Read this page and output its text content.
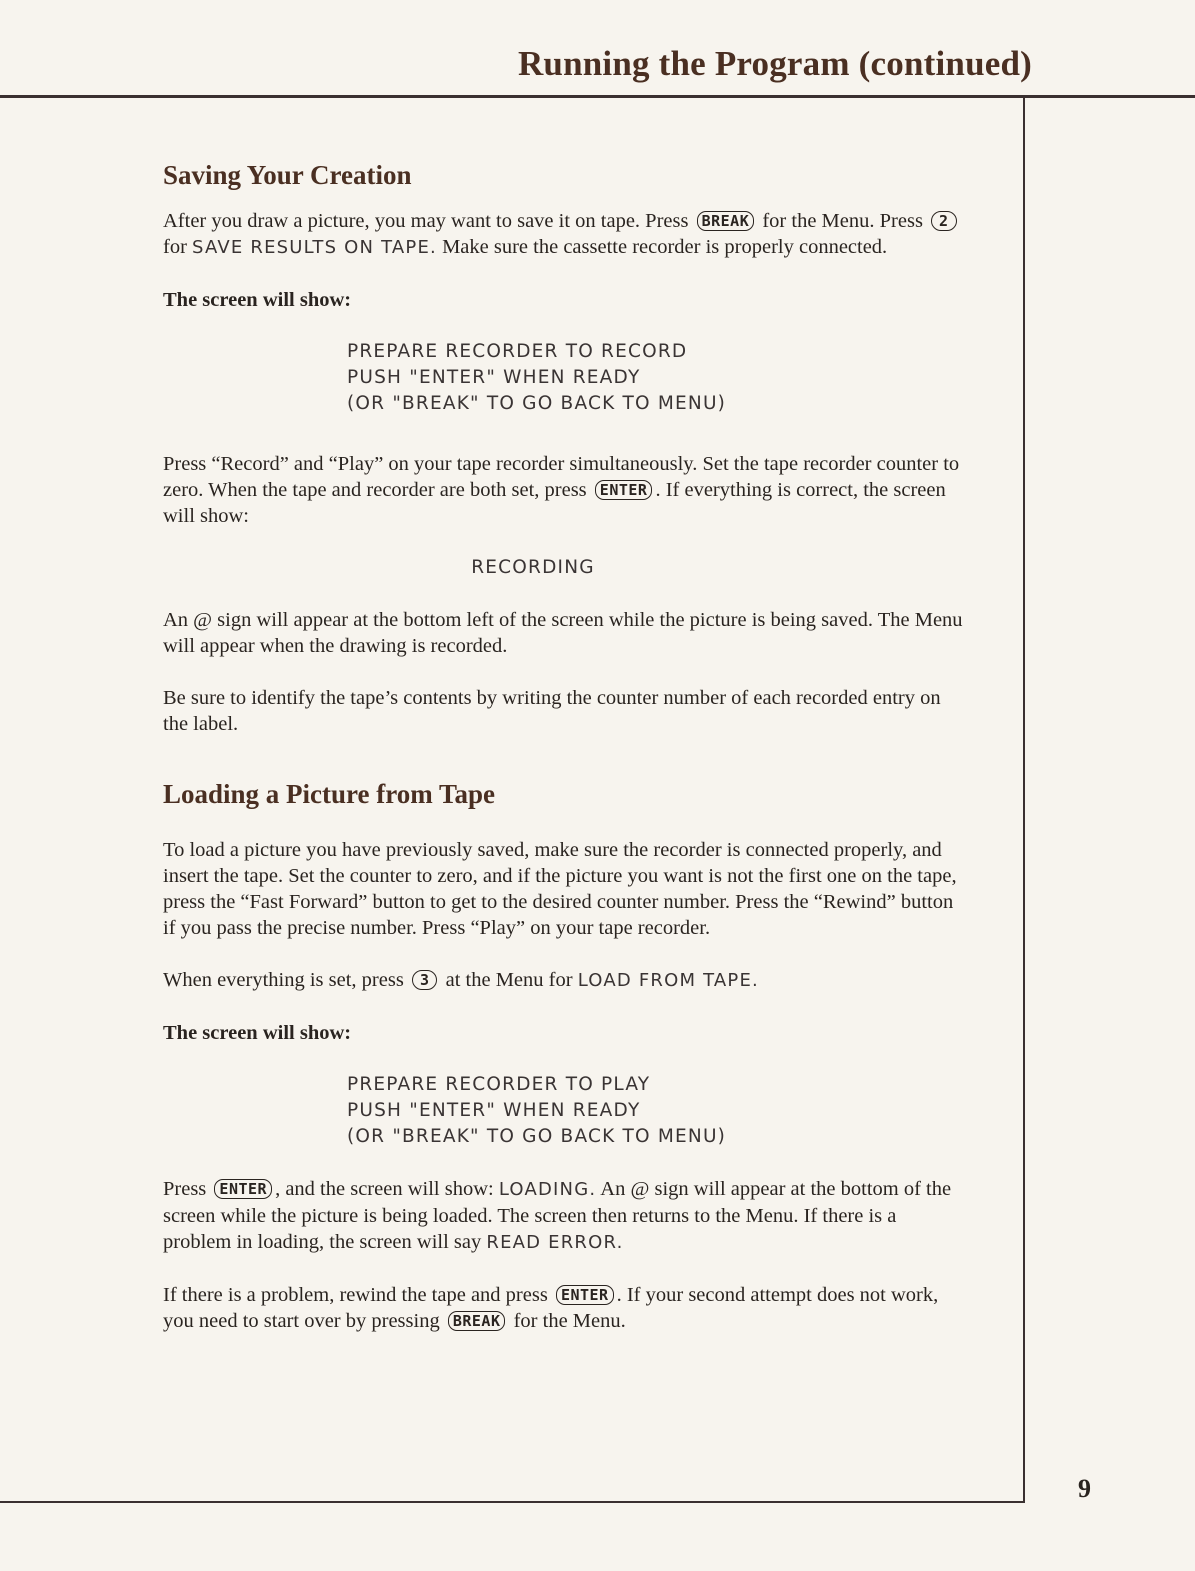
Running the Program (continued)
9
Saving Your Creation

After you draw a picture, you may want to save it on tape. Press BREAK for the Menu. Press 2 for SAVE RESULTS ON TAPE. Make sure the cassette recorder is properly connected.

The screen will show:

PREPARE RECORDER TO RECORD
PUSH "ENTER" WHEN READY
(OR "BREAK" TO GO BACK TO MENU)

Press “Record” and “Play” on your tape recorder simultaneously. Set the tape recorder counter to zero. When the tape and recorder are both set, press ENTER . If everything is correct, the screen will show:

RECORDING

An @ sign will appear at the bottom left of the screen while the picture is being saved. The Menu will appear when the drawing is recorded.

Be sure to identify the tape’s contents by writing the counter number of each recorded entry on the label.

Loading a Picture from Tape

To load a picture you have previously saved, make sure the recorder is connected properly, and insert the tape. Set the counter to zero, and if the picture you want is not the first one on the tape, press the “Fast Forward” button to get to the desired counter number. Press the “Rewind” button if you pass the precise number. Press “Play” on your tape recorder.

When everything is set, press 3 at the Menu for LOAD FROM TAPE.

The screen will show:

PREPARE RECORDER TO PLAY
PUSH "ENTER" WHEN READY
(OR "BREAK" TO GO BACK TO MENU)

Press ENTER , and the screen will show: LOADING. An @ sign will appear at the bottom of the screen while the picture is being loaded. The screen then returns to the Menu. If there is a problem in loading, the screen will say READ ERROR.

If there is a problem, rewind the tape and press ENTER . If your second attempt does not work, you need to start over by pressing BREAK for the Menu.
